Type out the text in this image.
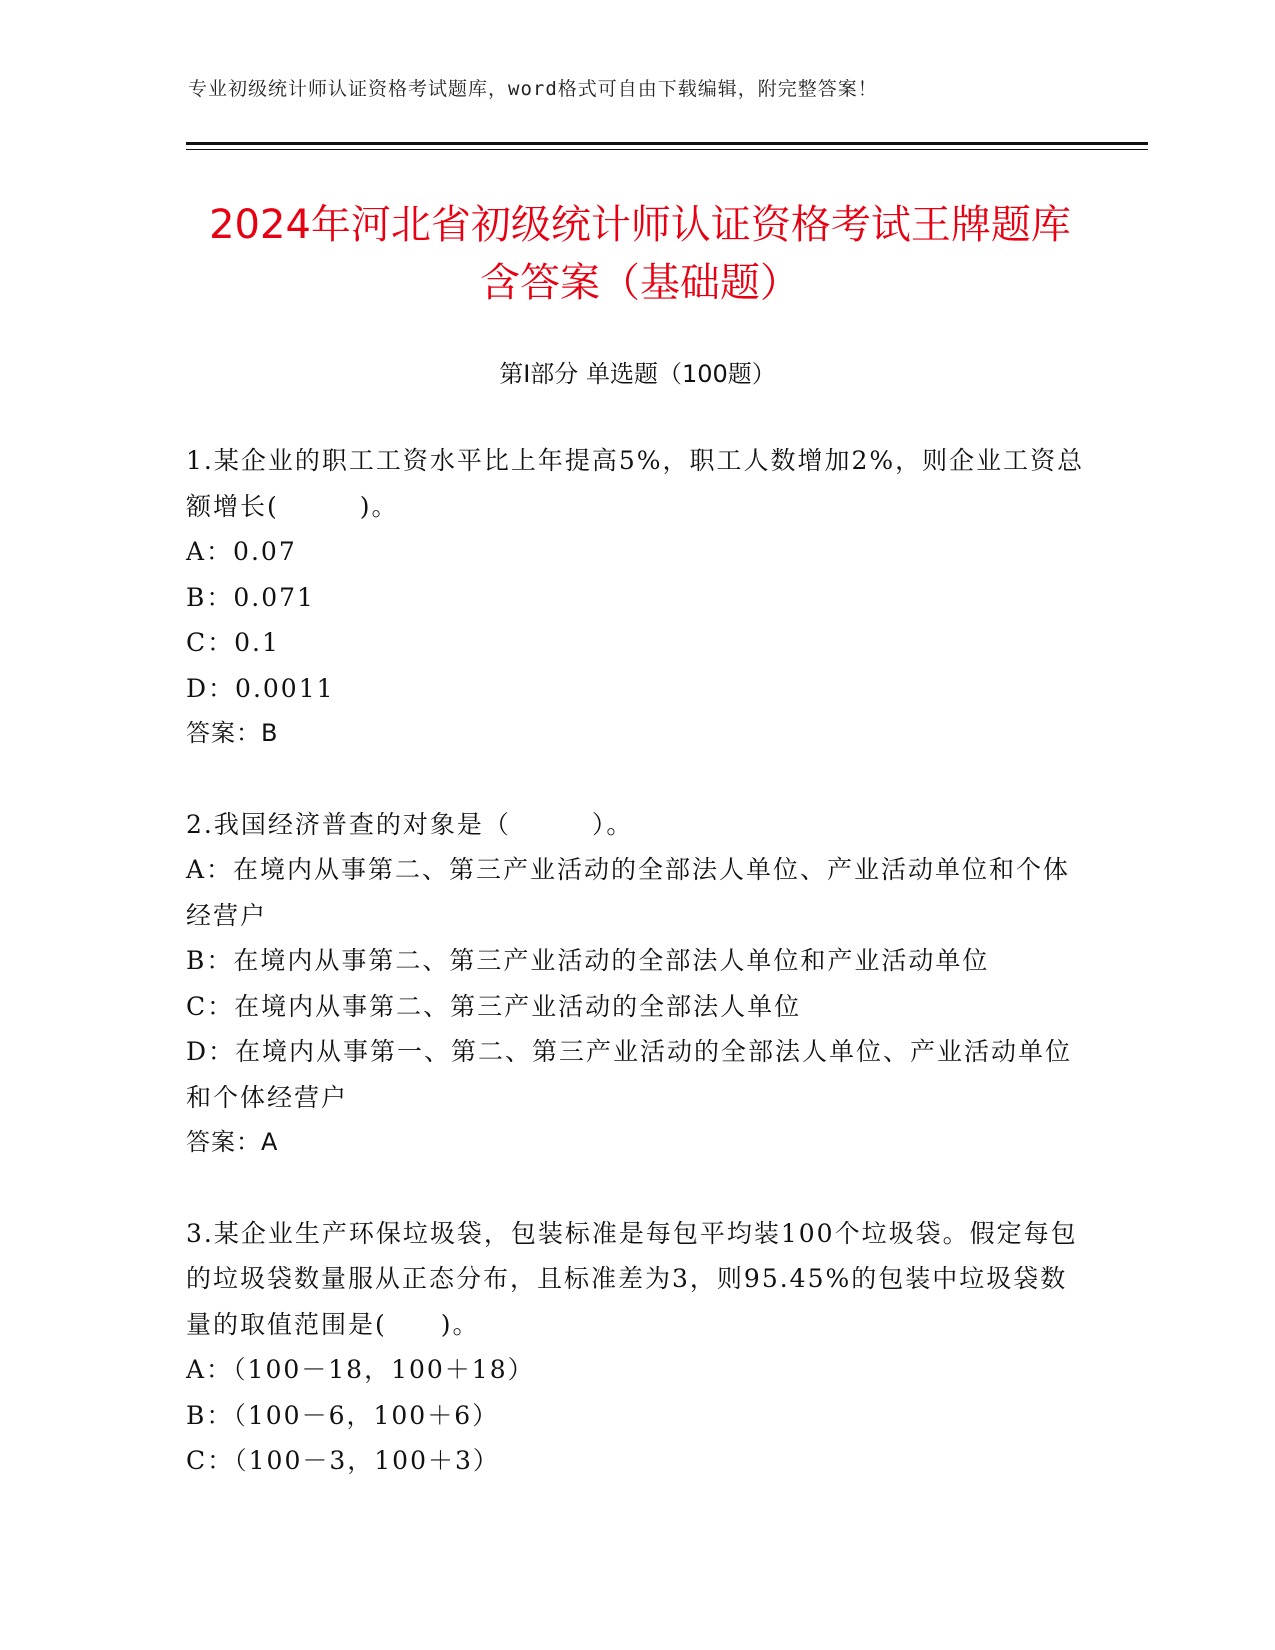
专业初级统计师认证资格考试题库，word格式可自由下载编辑，附完整答案！
2024年河北省初级统计师认证资格考试王牌题库含答案（基础题）
第Ⅰ部分 单选题（100题）

1.某企业的职工工资水平比上年提高5%，职工人数增加2%，则企业工资总额增长(　　　)。

A：0.07

B：0.071

C：0.1

D：0.0011

答案：B

2.我国经济普查的对象是（　　　）。

A：在境内从事第二、第三产业活动的全部法人单位、产业活动单位和个体经营户

B：在境内从事第二、第三产业活动的全部法人单位和产业活动单位

C：在境内从事第二、第三产业活动的全部法人单位

D：在境内从事第一、第二、第三产业活动的全部法人单位、产业活动单位和个体经营户

答案：A

3.某企业生产环保垃圾袋，包装标准是每包平均装100个垃圾袋。假定每包的垃圾袋数量服从正态分布，且标准差为3，则95.45%的包装中垃圾袋数量的取值范围是(　　)。

A：（100－18，100＋18）

B：（100－6，100＋6）

C：（100－3，100＋3）
